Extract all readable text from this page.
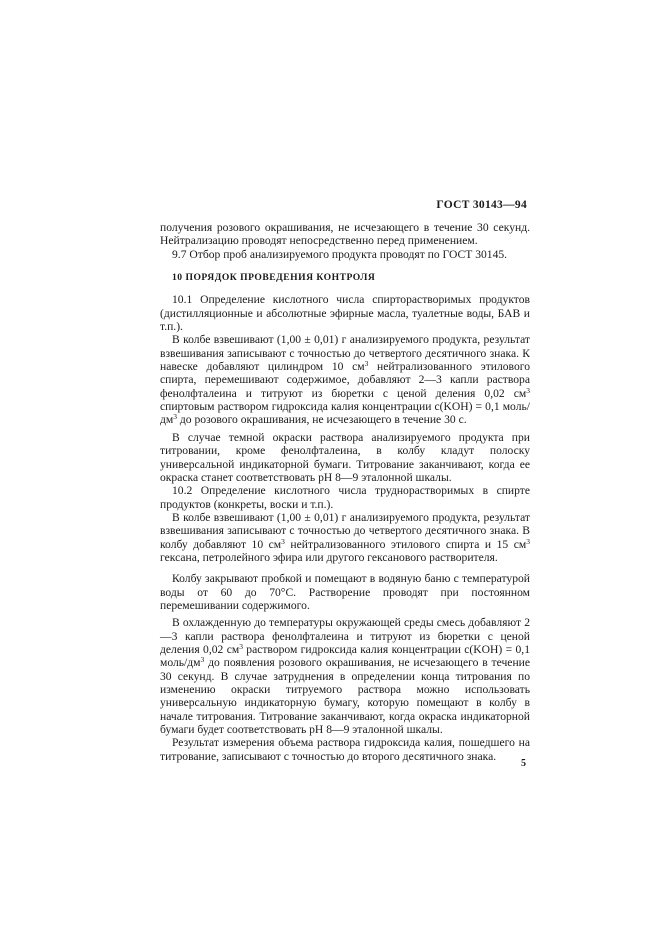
ГОСТ 30143—94

получения розового окрашивания, не исчезающего в течение 30 секунд. Нейтрализацию проводят непосредственно перед применением.

9.7 Отбор проб анализируемого продукта проводят по ГОСТ 30145.

10 ПОРЯДОК ПРОВЕДЕНИЯ КОНТРОЛЯ

10.1 Определение кислотного числа спирторастворимых продуктов (дистилляционные и абсолютные эфирные масла, туалетные воды, БАВ и т.п.).

В колбе взвешивают (1,00 ± 0,01) г анализируемого продукта, результат взвешивания записывают с точностью до четвертого десятичного знака. К навеске добавляют цилиндром 10 $см^3$ нейтрализованного этилового спирта, перемешивают содержимое, добавляют 2—3 капли раствора фенолфталеина и титруют из бюретки с ценой деления 0,02 $см^3$ спиртовым раствором гидроксида калия концентрации с(KOH) = 0,1 моль/$дм^3$ до розового окрашивания, не исчезающего в течение 30 с.

В случае темной окраски раствора анализируемого продукта при титровании, кроме фенолфталеина, в колбу кладут полоску универсальной индикаторной бумаги. Титрование заканчивают, когда ее окраска станет соответствовать pH 8—9 эталонной шкалы.

10.2 Определение кислотного числа труднорастворимых в спирте продуктов (конкреты, воски и т.п.).

В колбе взвешивают (1,00 ± 0,01) г анализируемого продукта, результат взвешивания записывают с точностью до четвертого десятичного знака. В колбу добавляют 10 $см^3$ нейтрализованного этилового спирта и 15 $см^3$ гексана, петролейного эфира или другого гексанового растворителя.

Колбу закрывают пробкой и помещают в водяную баню с температурой воды от 60 до 70°C. Растворение проводят при постоянном перемешивании содержимого.

В охлажденную до температуры окружающей среды смесь добавляют 2—3 капли раствора фенолфталеина и титруют из бюретки с ценой деления 0,02 $см^3$ раствором гидроксида калия концентрации с(KOH) = 0,1 моль/$дм^3$ до появления розового окрашивания, не исчезающего в течение 30 секунд. В случае затруднения в определении конца титрования по изменению окраски титруемого раствора можно использовать универсальную индикаторную бумагу, которую помещают в колбу в начале титрования. Титрование заканчивают, когда окраска индикаторной бумаги будет соответствовать pH 8—9 эталонной шкалы.

Результат измерения объема раствора гидроксида калия, пошедшего на титрование, записывают с точностью до второго десятичного знака.

5
